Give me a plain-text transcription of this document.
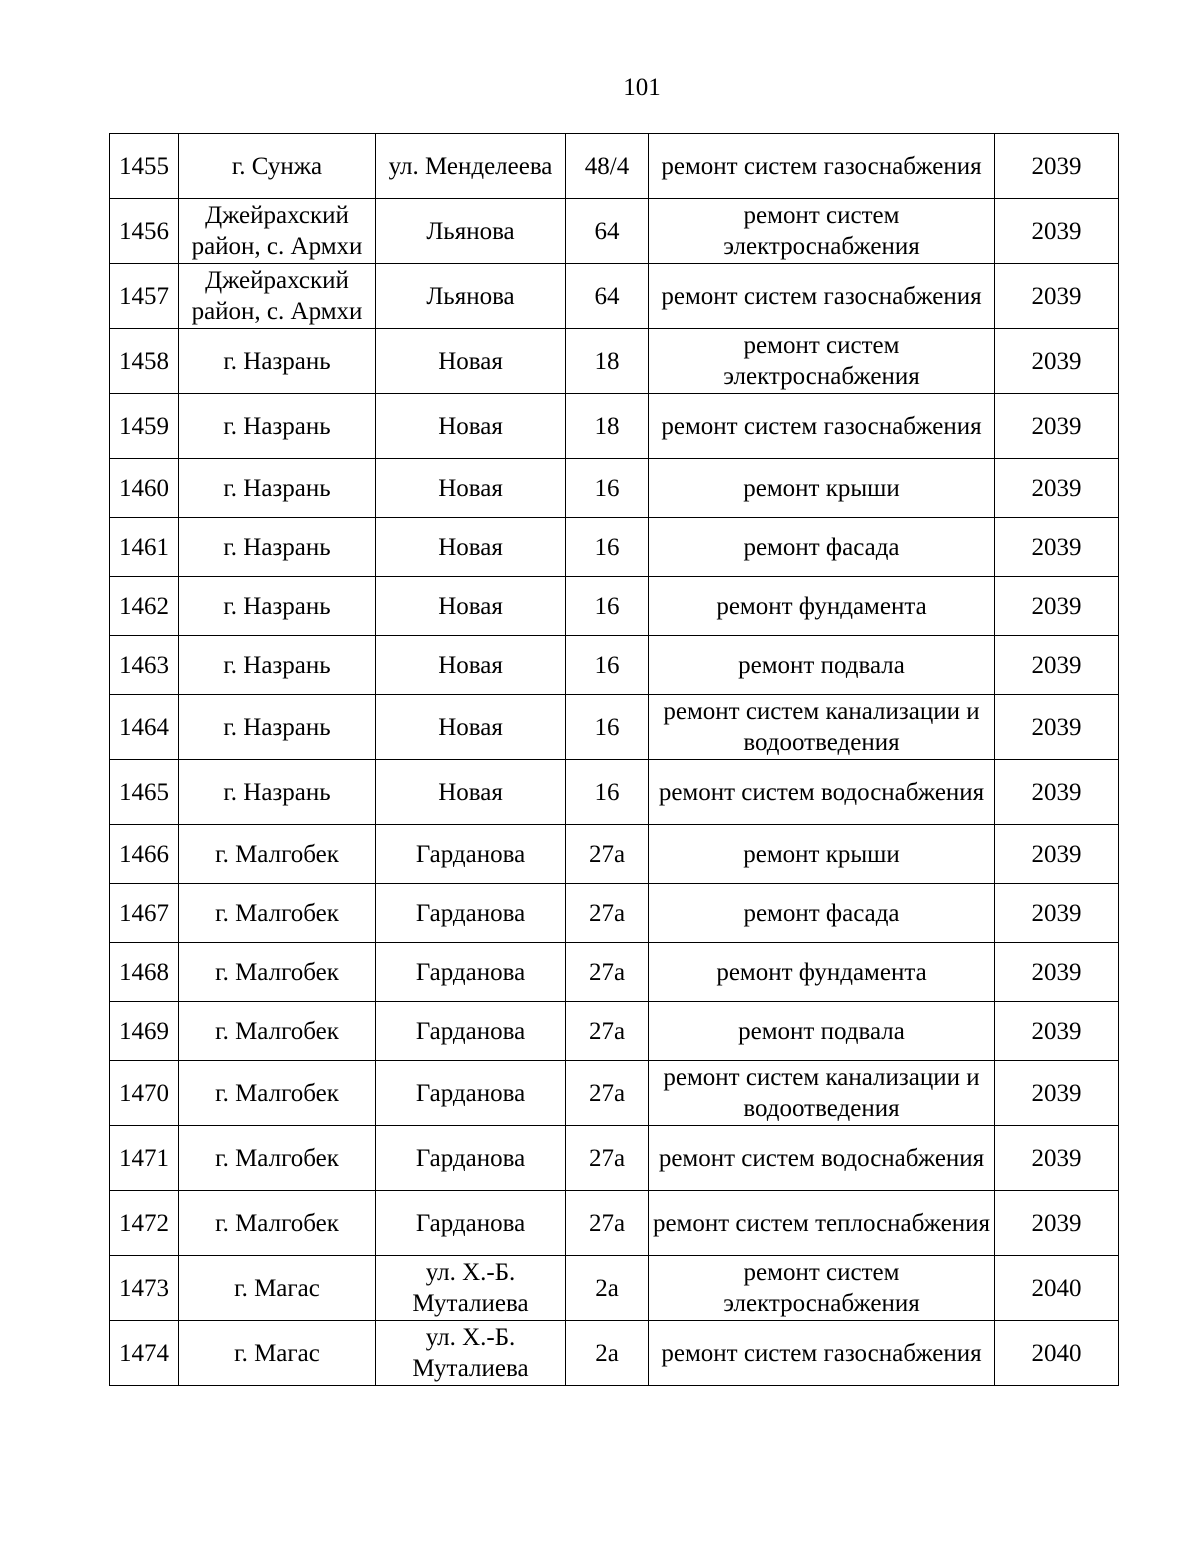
101
1455	г. Сунжа	ул. Менделеева	48/4	ремонт систем газоснабжения	2039
1456	Джейрахский район, с. Армхи	Льянова	64	ремонт систем электроснабжения	2039
1457	Джейрахский район, с. Армхи	Льянова	64	ремонт систем газоснабжения	2039
1458	г. Назрань	Новая	18	ремонт систем электроснабжения	2039
1459	г. Назрань	Новая	18	ремонт систем газоснабжения	2039
1460	г. Назрань	Новая	16	ремонт крыши	2039
1461	г. Назрань	Новая	16	ремонт фасада	2039
1462	г. Назрань	Новая	16	ремонт фундамента	2039
1463	г. Назрань	Новая	16	ремонт подвала	2039
1464	г. Назрань	Новая	16	ремонт систем канализации и водоотведения	2039
1465	г. Назрань	Новая	16	ремонт систем водоснабжения	2039
1466	г. Малгобек	Гарданова	27а	ремонт крыши	2039
1467	г. Малгобек	Гарданова	27а	ремонт фасада	2039
1468	г. Малгобек	Гарданова	27а	ремонт фундамента	2039
1469	г. Малгобек	Гарданова	27а	ремонт подвала	2039
1470	г. Малгобек	Гарданова	27а	ремонт систем канализации и водоотведения	2039
1471	г. Малгобек	Гарданова	27а	ремонт систем водоснабжения	2039
1472	г. Малгобек	Гарданова	27а	ремонт систем теплоснабжения	2039
1473	г. Магас	ул. Х.-Б. Муталиева	2а	ремонт систем электроснабжения	2040
1474	г. Магас	ул. Х.-Б. Муталиева	2а	ремонт систем газоснабжения	2040
